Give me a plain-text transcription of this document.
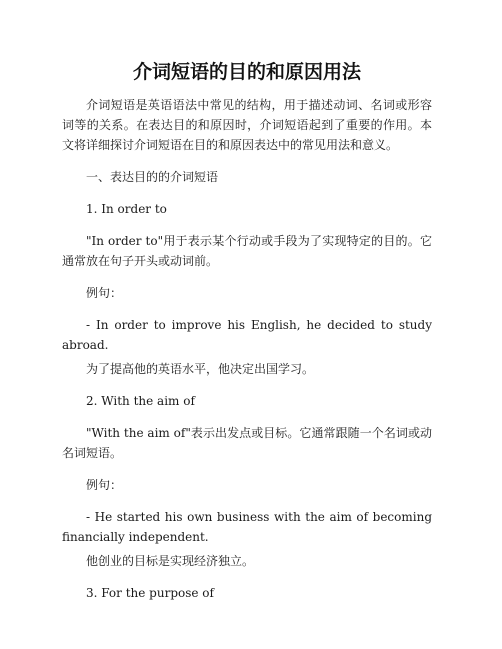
介词短语的目的和原因用法

介词短语是英语语法中常见的结构，用于描述动词、名词或形容词等的关系。在表达目的和原因时，介词短语起到了重要的作用。本文将详细探讨介词短语在目的和原因表达中的常见用法和意义。

一、表达目的的介词短语

1. In order to

"In order to"用于表示某个行动或手段为了实现特定的目的。它通常放在句子开头或动词前。

例句：

- In order to improve his English, he decided to study abroad.

为了提高他的英语水平，他决定出国学习。

2. With the aim of

"With the aim of"表示出发点或目标。它通常跟随一个名词或动名词短语。

例句：

- He started his own business with the aim of becoming financially independent.

他创业的目标是实现经济独立。

3. For the purpose of
